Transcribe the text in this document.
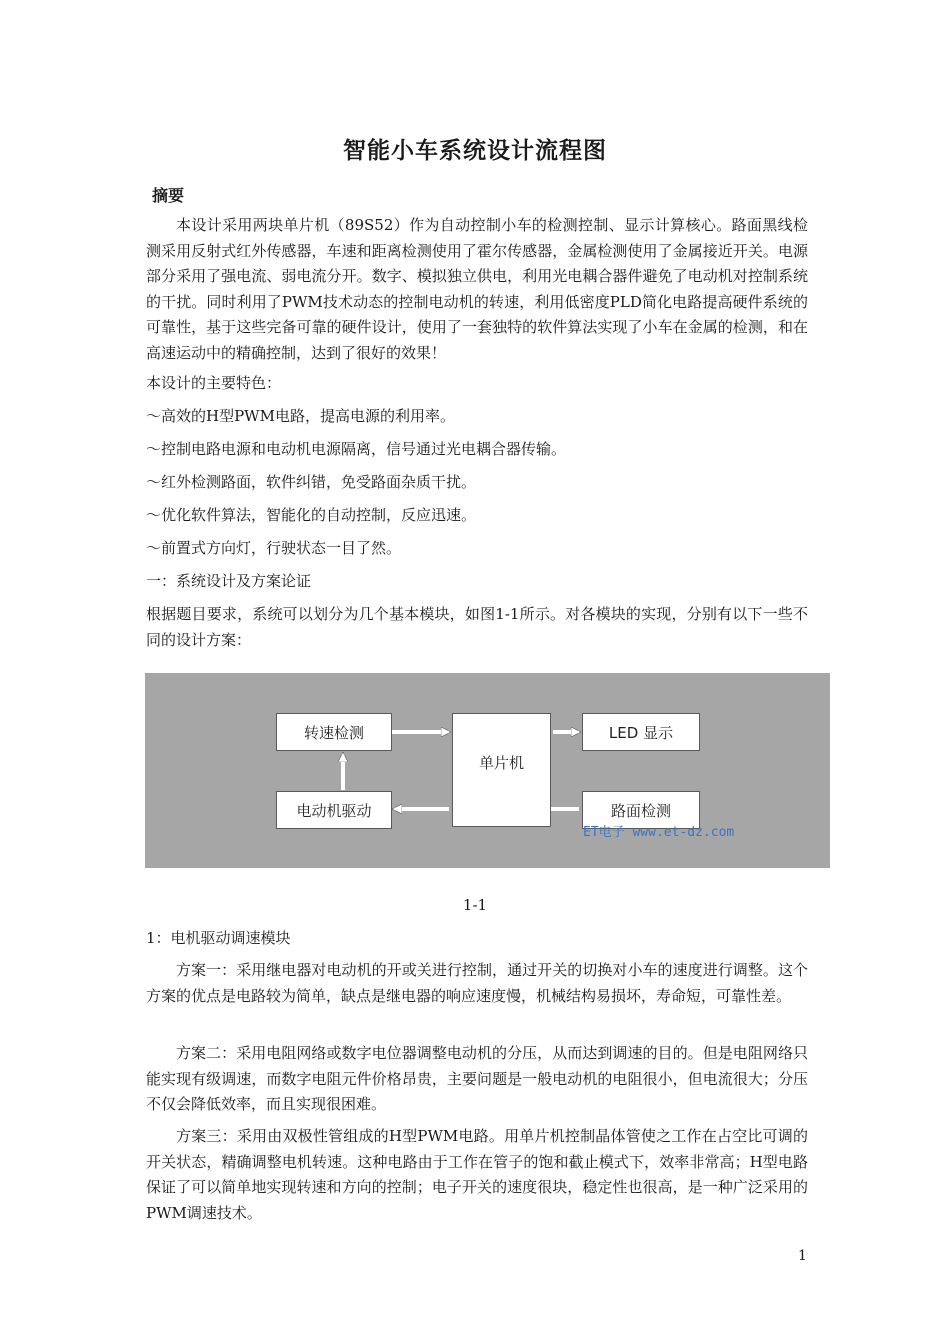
智能小车系统设计流程图
摘要
本设计采用两块单片机（89S52）作为自动控制小车的检测控制、显示计算核心。路面黑线检测采用反射式红外传感器，车速和距离检测使用了霍尔传感器，金属检测使用了金属接近开关。电源部分采用了强电流、弱电流分开。数字、模拟独立供电，利用光电耦合器件避免了电动机对控制系统的干扰。同时利用了PWM技术动态的控制电动机的转速，利用低密度PLD简化电路提高硬件系统的可靠性，基于这些完备可靠的硬件设计，使用了一套独特的软件算法实现了小车在金属的检测，和在高速运动中的精确控制，达到了很好的效果！
本设计的主要特色：
～高效的H型PWM电路，提高电源的利用率。
～控制电路电源和电动机电源隔离，信号通过光电耦合器传输。
～红外检测路面，软件纠错，免受路面杂质干扰。
～优化软件算法，智能化的自动控制，反应迅速。
～前置式方向灯，行驶状态一目了然。
一：系统设计及方案论证
根据题目要求，系统可以划分为几个基本模块，如图1-1所示。对各模块的实现，分别有以下一些不同的设计方案：
转速检测
单片机
LED 显示
电动机驱动	路面检测
ET电子 www.et-dz.com
1-1
1：电机驱动调速模块
方案一：采用继电器对电动机的开或关进行控制，通过开关的切换对小车的速度进行调整。这个方案的优点是电路较为简单，缺点是继电器的响应速度慢，机械结构易损坏，寿命短，可靠性差。
方案二：采用电阻网络或数字电位器调整电动机的分压，从而达到调速的目的。但是电阻网络只能实现有级调速，而数字电阻元件价格昂贵，主要问题是一般电动机的电阻很小，但电流很大；分压不仅会降低效率，而且实现很困难。
方案三：采用由双极性管组成的H型PWM电路。用单片机控制晶体管使之工作在占空比可调的开关状态，精确调整电机转速。这种电路由于工作在管子的饱和截止模式下，效率非常高；H型电路保证了可以简单地实现转速和方向的控制；电子开关的速度很块，稳定性也很高，是一种广泛采用的PWM调速技术。
1
